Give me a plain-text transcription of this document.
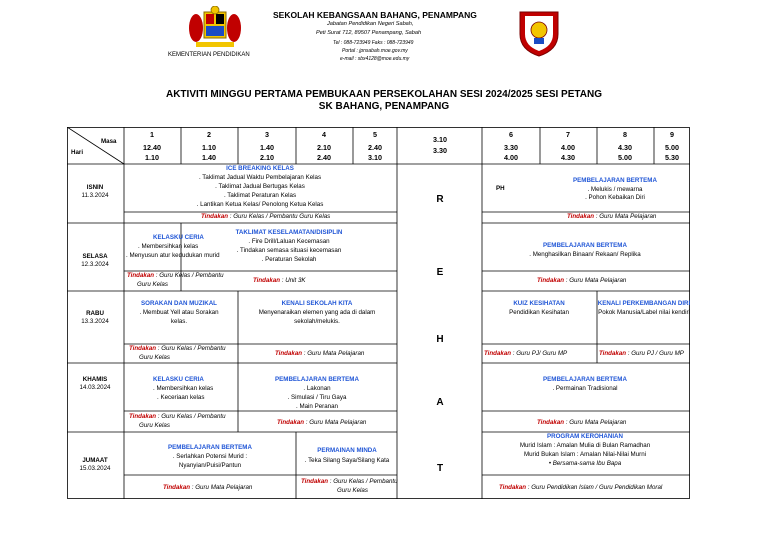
KEMENTERIAN PENDIDIKAN
SEKOLAH KEBANGSAAN BAHANG, PENAMPANG
Jabatan Pendidikan Negeri Sabah,
Peti Surat 712, 89507 Penampang, Sabah
Tel : 088-723949 Faks : 088-723949
Portal : jpnsabah.moe.gov.my
e-mail : sbx4128@moe.edu.my
AKTIVITI MINGGU PERTAMA PEMBUKAAN PERSEKOLAHAN SESI 2024/2025 SESI PETANG
SK BAHANG, PENAMPANG
Masa
Hari
1
12.40
1.10
2
1.10
1.40
3
1.40
2.10
4
2.10
2.40
5
2.40
3.10
3.10
3.30
6
3.30
4.00
7
4.00
4.30
8
4.30
5.00
9
5.00
5.30
R
E
H
A
T
ISNIN
11.3.2024
SELASA
12.3.2024
RABU
13.3.2024
KHAMIS
14.03.2024
JUMAAT
15.03.2024
ICE BREAKING KELAS
. Taklimat Jadual Waktu Pembelajaran Kelas
. Taklimat Jadual Bertugas Kelas
. Taklimat Peraturan Kelas
. Lantikan Ketua Kelas/ Penolong Ketua Kelas
Tindakan : Guru Kelas / Pembantu Guru Kelas
PH
PEMBELAJARAN BERTEMA
. Melukis / mewarna
. Pohon Kebaikan Diri
Tindakan : Guru Mata Pelajaran
KELASKU CERIA
. Membersihkan kelas
. Menyusun atur kedudukan murid
Tindakan : Guru Kelas / Pembantu
Guru Kelas
TAKLIMAT KESELAMATAN/DISIPLIN
. Fire Drill/Laluan Kecemasan
. Tindakan semasa situasi kecemasan
. Peraturan Sekolah
Tindakan : Unit 3K
PEMBELAJARAN BERTEMA
. Menghasilkan Binaan/ Rekaan/ Replika
Tindakan : Guru Mata Pelajaran
SORAKAN DAN MUZIKAL
. Membuat Yell atau Sorakan
kelas.
Tindakan : Guru Kelas / Pembantu
Guru Kelas
KENALI SEKOLAH KITA
Menyenaraikan elemen yang ada di dalam
sekolah/melukis.
Tindakan : Guru Mata Pelajaran
KUIZ KESIHATAN
Pendidikan Kesihatan
Tindakan : Guru PJ/ Guru MP
KENALI PERKEMBANGAN DIRI
Pokok Manusia/Label nilai kendiri
Tindakan : Guru PJ / Guru MP
KELASKU CERIA
. Membersihkan kelas
. Keceriaan kelas
Tindakan : Guru Kelas / Pembantu
Guru Kelas
PEMBELAJARAN BERTEMA
. Lakonan
. Simulasi / Tiru Gaya
. Main Peranan
Tindakan : Guru Mata Pelajaran
PEMBELAJARAN BERTEMA
. Permainan Tradisional
Tindakan : Guru Mata Pelajaran
PEMBELAJARAN BERTEMA
. Serlahkan Potensi Murid :
Nyanyian/Puisi/Pantun
Tindakan : Guru Mata Pelajaran
PERMAINAN MINDA
. Teka Silang Saya/Silang Kata
Tindakan : Guru Kelas / Pembantu
Guru Kelas
PROGRAM KEROHANIAN
Murid Islam : Amalan Mulia di Bulan Ramadhan
Murid Bukan Islam : Amalan Nilai-Nilai Murni
• Bersama-sama Ibu Bapa
Tindakan : Guru Pendidikan Islam / Guru Pendidikan Moral
